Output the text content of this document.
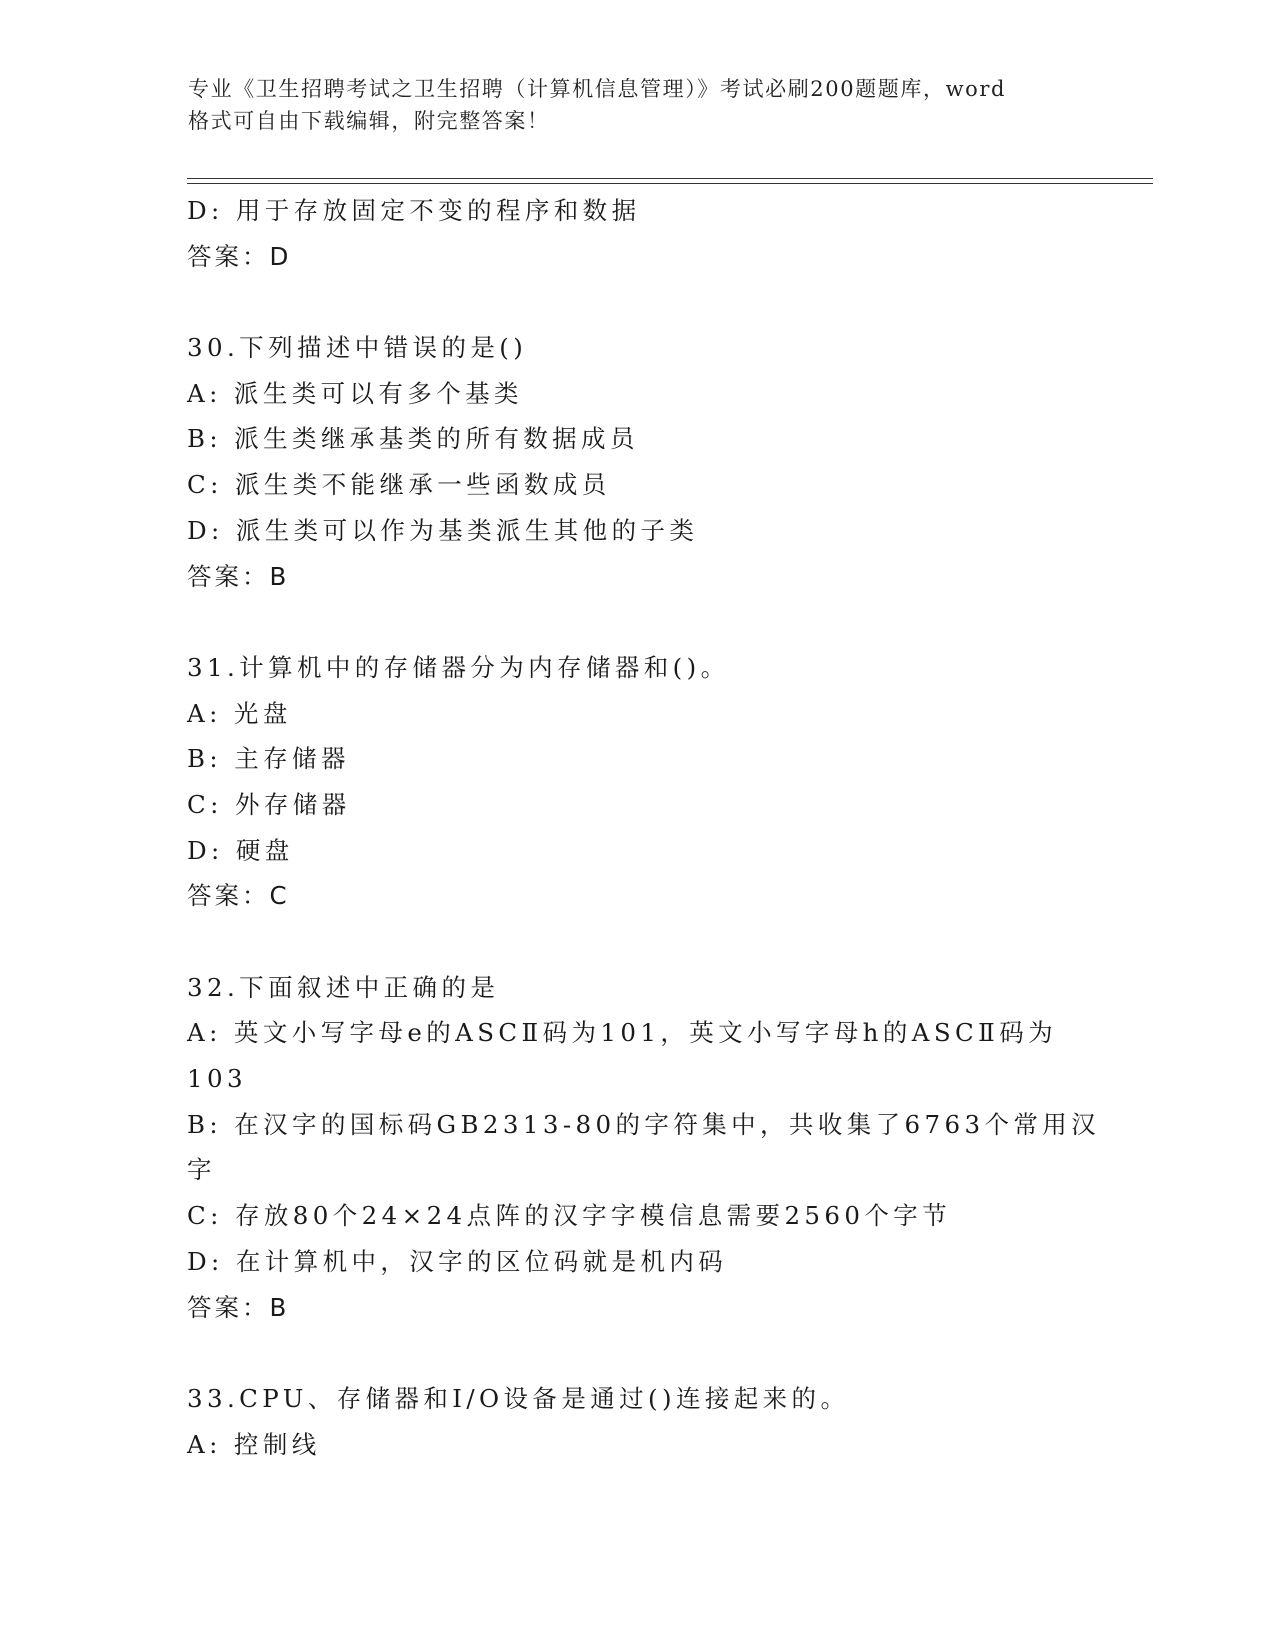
专业《卫生招聘考试之卫生招聘（计算机信息管理）》考试必刷200题题库，word
格式可自由下载编辑，附完整答案！
D: 用于存放固定不变的程序和数据
答案：D
30.下列描述中错误的是()
A: 派生类可以有多个基类
B: 派生类继承基类的所有数据成员
C: 派生类不能继承一些函数成员
D: 派生类可以作为基类派生其他的子类
答案：B
31.计算机中的存储器分为内存储器和()。
A: 光盘
B: 主存储器
C: 外存储器
D: 硬盘
答案：C
32.下面叙述中正确的是
A: 英文小写字母e的ASCⅡ码为101，英文小写字母h的ASCⅡ码为
103
B: 在汉字的国标码GB2313-80的字符集中，共收集了6763个常用汉
字
C: 存放80个24×24点阵的汉字字模信息需要2560个字节
D: 在计算机中，汉字的区位码就是机内码
答案：B
33.CPU、存储器和I/O设备是通过()连接起来的。
A: 控制线
